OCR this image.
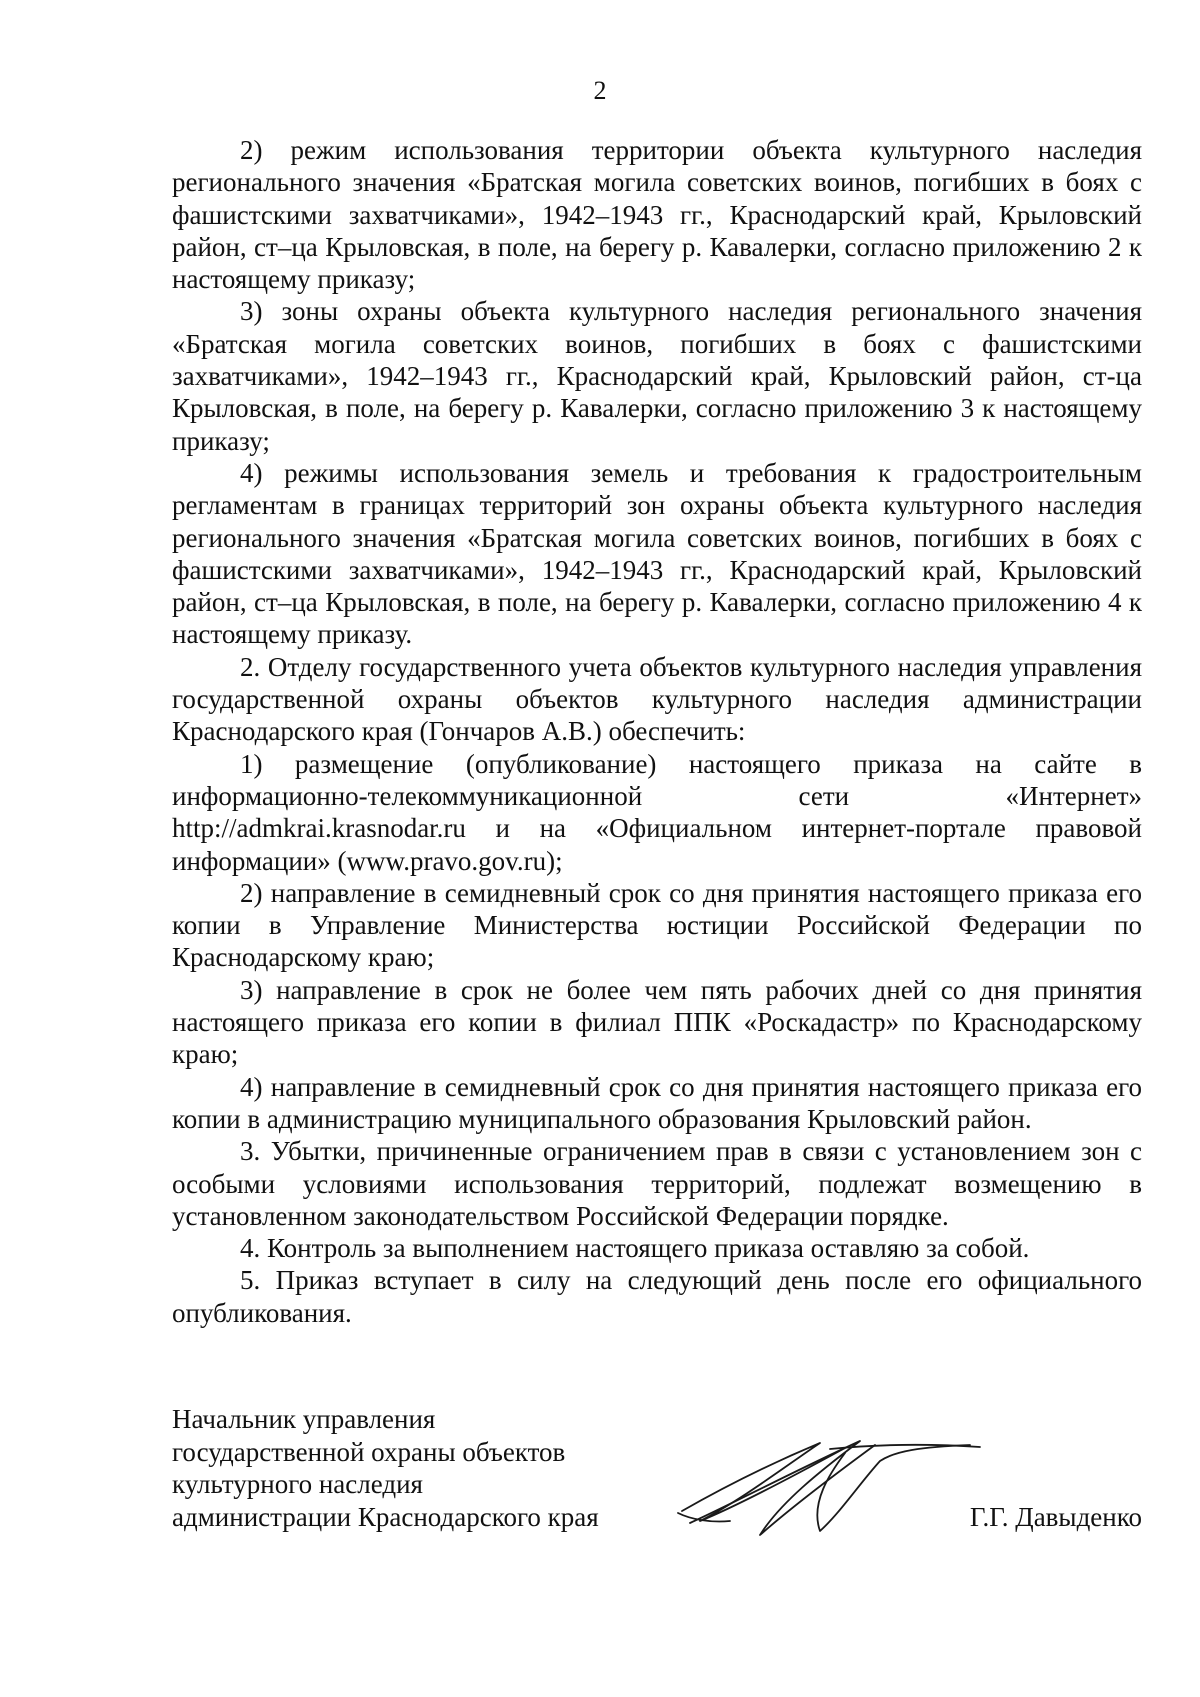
2

2) режим использования территории объекта культурного наследия регионального значения «Братская могила советских воинов, погибших в боях с фашистскими захватчиками», 1942–1943 гг., Краснодарский край, Крыловский район, ст–ца Крыловская, в поле, на берегу р. Кавалерки, согласно приложению 2 к настоящему приказу;

3) зоны охраны объекта культурного наследия регионального значения «Братская могила советских воинов, погибших в боях с фашистскими захватчиками», 1942–1943 гг., Краснодарский край, Крыловский район, ст-ца Крыловская, в поле, на берегу р. Кавалерки, согласно приложению 3 к настоящему приказу;

4) режимы использования земель и требования к градостроительным регламентам в границах территорий зон охраны объекта культурного наследия регионального значения «Братская могила советских воинов, погибших в боях с фашистскими захватчиками», 1942–1943 гг., Краснодарский край, Крыловский район, ст–ца Крыловская, в поле, на берегу р. Кавалерки, согласно приложению 4 к настоящему приказу.

2. Отделу государственного учета объектов культурного наследия управления государственной охраны объектов культурного наследия администрации Краснодарского края (Гончаров А.В.) обеспечить:

1) размещение (опубликование) настоящего приказа на сайте в информационно-телекоммуникационной сети «Интернет» http://admkrai.krasnodar.ru и на «Официальном интернет-портале правовой информации» (www.pravo.gov.ru);

2) направление в семидневный срок со дня принятия настоящего приказа его копии в Управление Министерства юстиции Российской Федерации по Краснодарскому краю;

3) направление в срок не более чем пять рабочих дней со дня принятия настоящего приказа его копии в филиал ППК «Роскадастр» по Краснодарскому краю;

4) направление в семидневный срок со дня принятия настоящего приказа его копии в администрацию муниципального образования Крыловский район.

3. Убытки, причиненные ограничением прав в связи с установлением зон с особыми условиями использования территорий, подлежат возмещению в установленном законодательством Российской Федерации порядке.

4. Контроль за выполнением настоящего приказа оставляю за собой.

5. Приказ вступает в силу на следующий день после его официального опубликования.

Начальник управления
государственной охраны объектов
культурного наследия
администрации Краснодарского края	Г.Г. Давыденко
